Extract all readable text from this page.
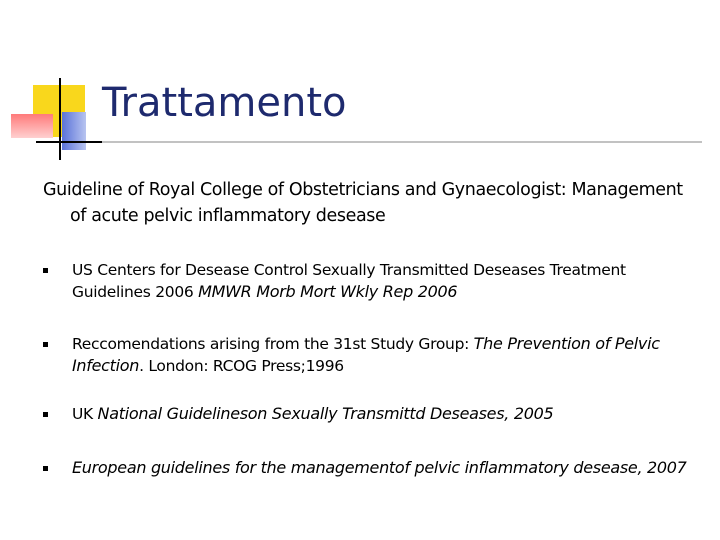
Trattamento
Guideline of Royal College of Obstetricians and Gynaecologist: Management
of acute pelvic inflammatory desease
US Centers for Desease Control Sexually Transmitted Deseases Treatment Guidelines 2006 MMWR Morb Mort Wkly Rep 2006
Reccomendations arising from the 31st Study Group: The Prevention of Pelvic Infection. London: RCOG Press;1996
UK National Guidelineson Sexually Transmittd Deseases, 2005
European guidelines for the managementof pelvic inflammatory desease, 2007
